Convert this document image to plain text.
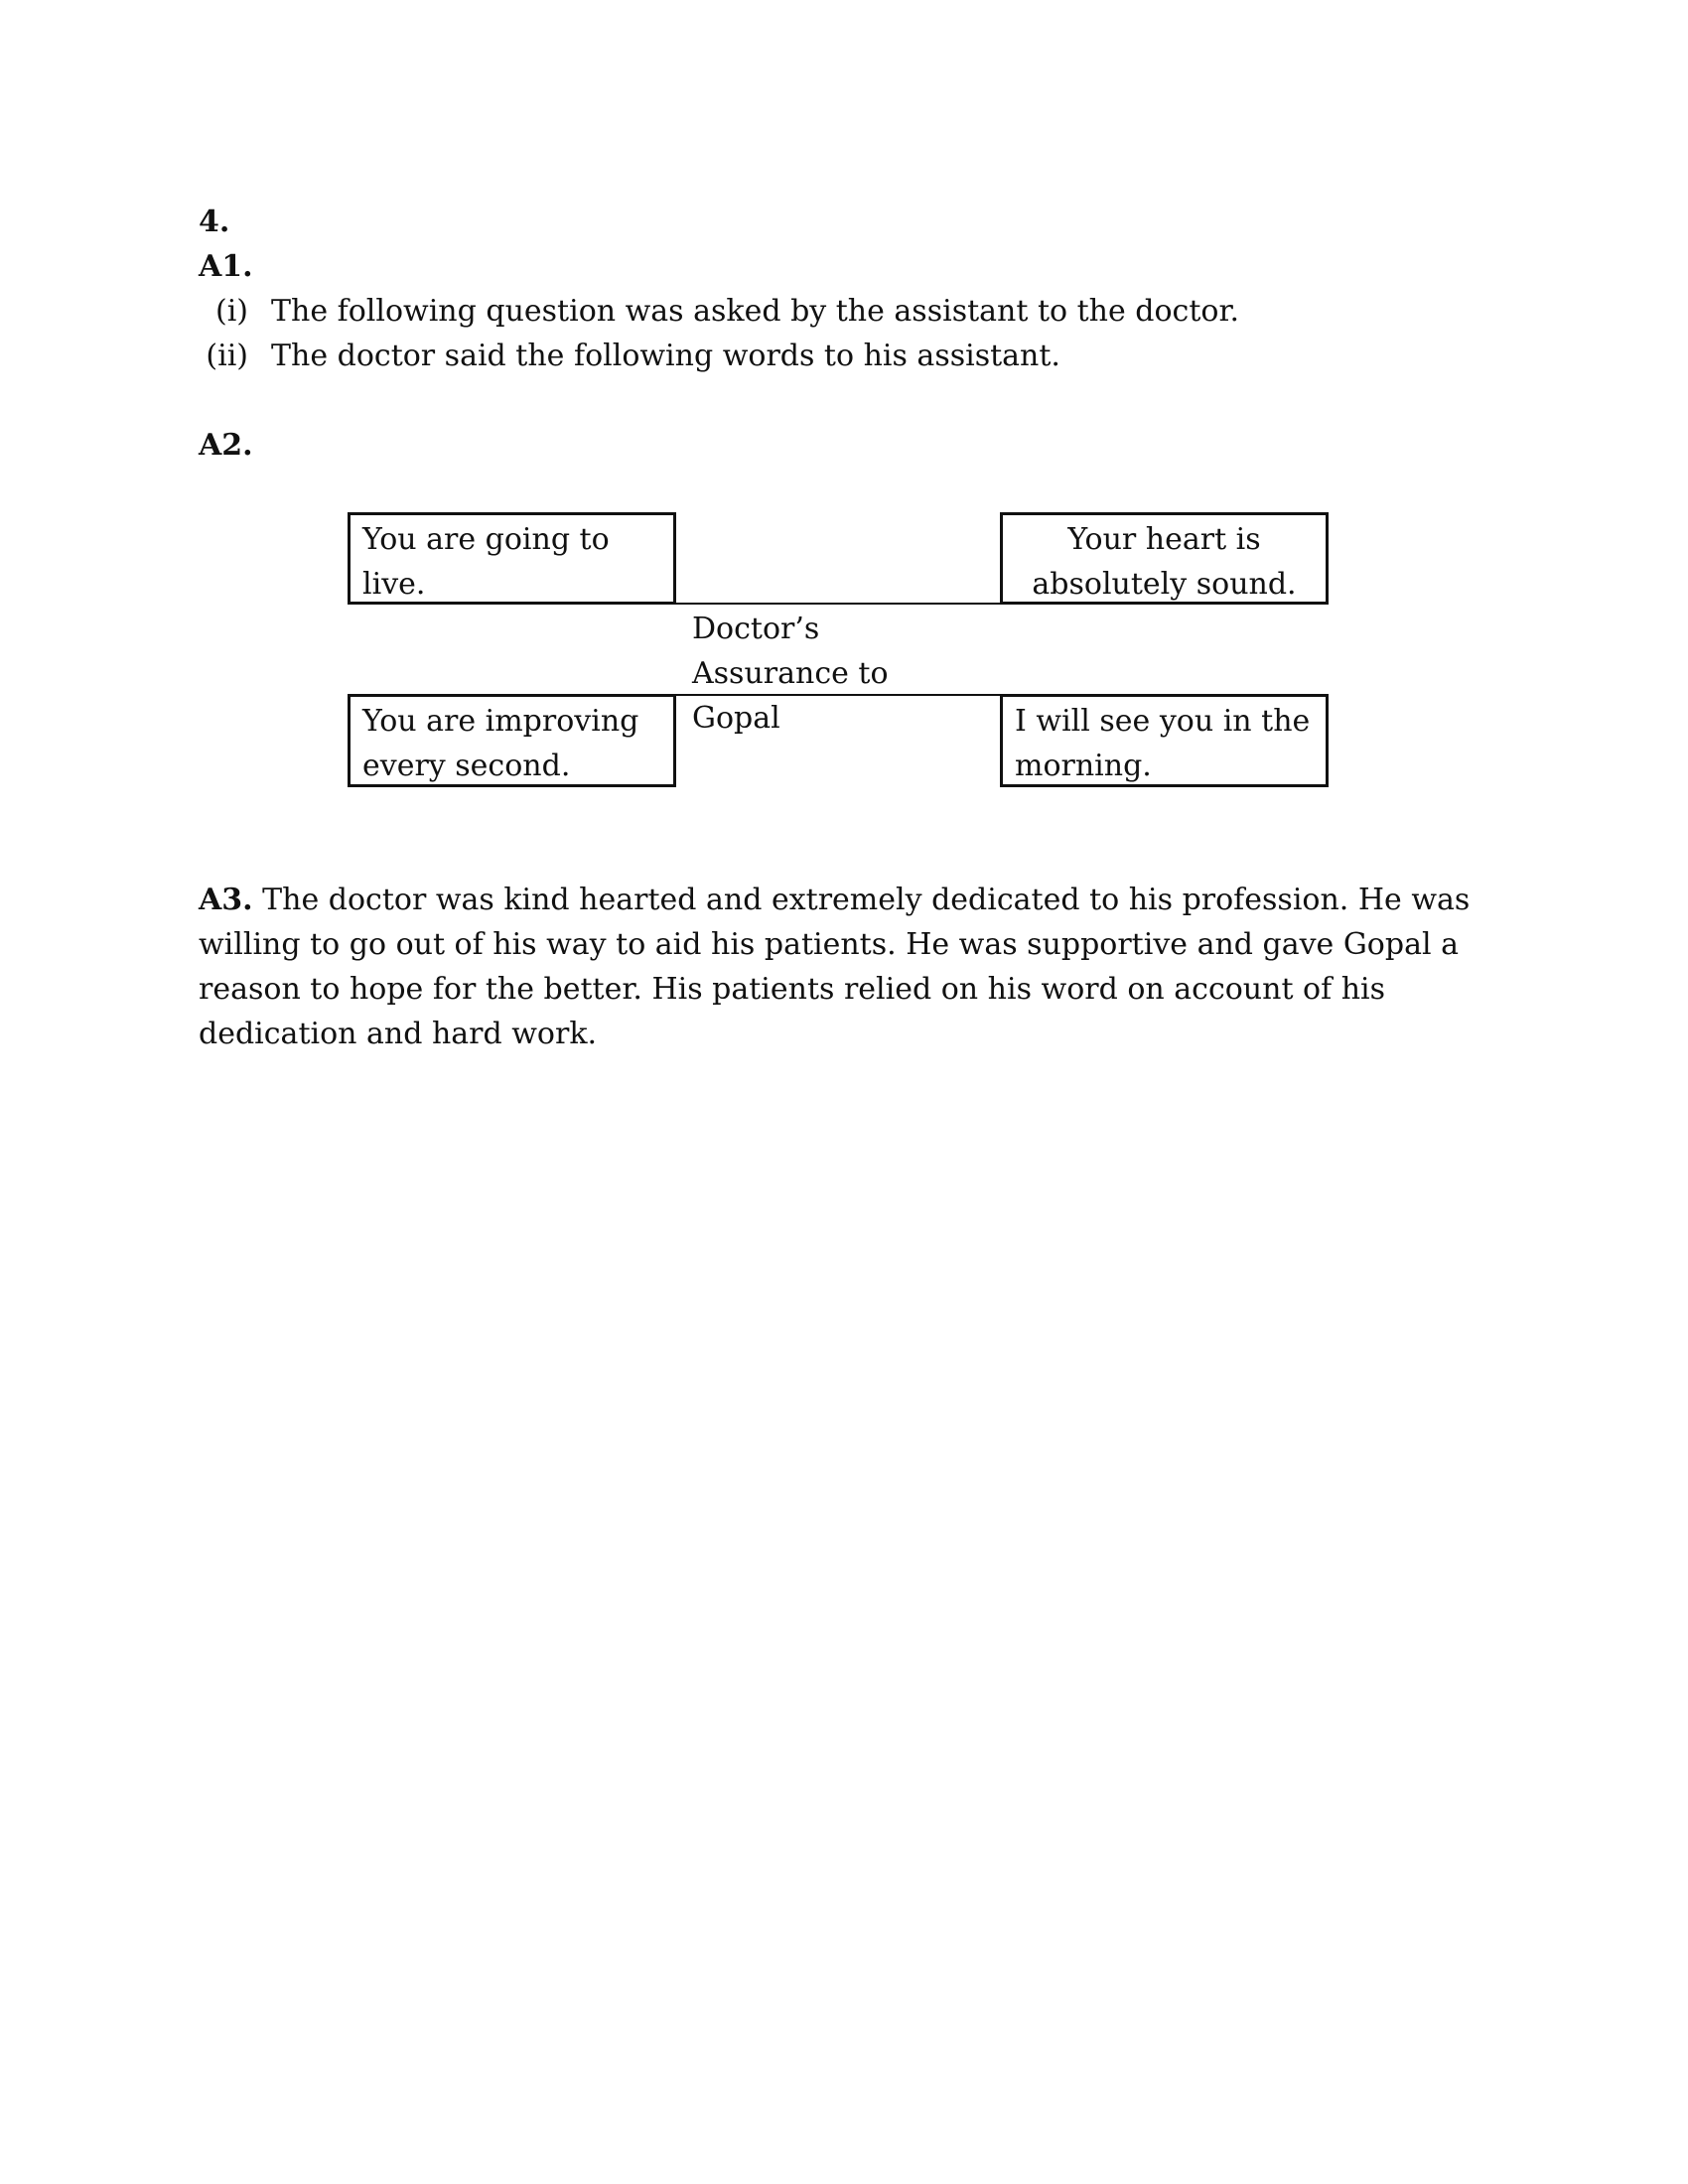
4.
A1.
(i) The following question was asked by the assistant to the doctor.
(ii) The doctor said the following words to his assistant.
A2.
You are going to live.
Your heart is absolutely sound.
Doctor’s Assurance to Gopal
You are improving every second.
I will see you in the morning.

A3. The doctor was kind hearted and extremely dedicated to his profession. He was willing to go out of his way to aid his patients. He was supportive and gave Gopal a reason to hope for the better. His patients relied on his word on account of his dedication and hard work.
